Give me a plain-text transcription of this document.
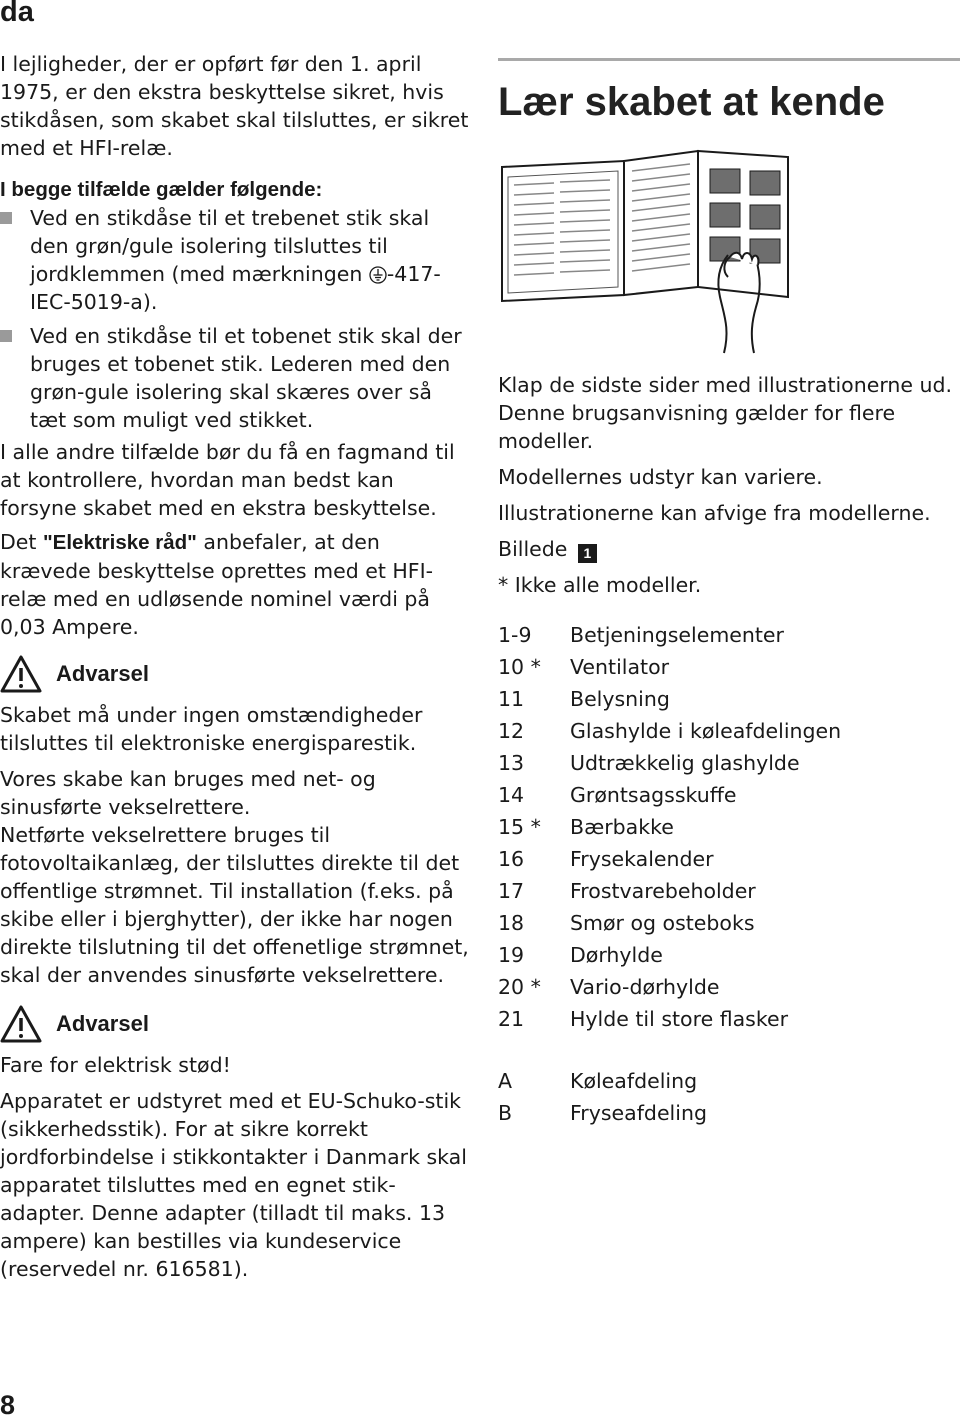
da

I lejligheder, der er opført før den 1. april 1975, er den ekstra beskyttelse sikret, hvis stikdåsen, som skabet skal tilsluttes, er sikret med et HFI-relæ.

I begge tilfælde gælder følgende:

Ved en stikdåse til et trebenet stik skal den grøn/gule isolering tilsluttes til jordklemmen (med mærkningen -417-IEC-5019-a).
Ved en stikdåse til et tobenet stik skal der bruges et tobenet stik. Lederen med den grøn-gule isolering skal skæres over så tæt som muligt ved stikket.

I alle andre tilfælde bør du få en fagmand til at kontrollere, hvordan man bedst kan forsyne skabet med en ekstra beskyttelse.

Det "Elektriske råd" anbefaler, at den krævede beskyttelse oprettes med et HFI-relæ med en udløsende nominel værdi på 0,03 Ampere.

Advarsel

Skabet må under ingen omstændigheder tilsluttes til elektroniske energisparestik.

Vores skabe kan bruges med net- og sinusførte vekselrettere.

Netførte vekselrettere bruges til fotovoltaikanlæg, der tilsluttes direkte til det offentlige strømnet. Til installation (f.eks. på skibe eller i bjerghytter), der ikke har nogen direkte tilslutning til det offenetlige strømnet, skal der anvendes sinusførte vekselrettere.

Advarsel

Fare for elektrisk stød!

Apparatet er udstyret med et EU-Schuko-stik (sikkerhedsstik). For at sikre korrekt jordforbindelse i stikkontakter i Danmark skal apparatet tilsluttes med en egnet stik-adapter. Denne adapter (tilladt til maks. 13 ampere) kan bestilles via kundeservice (reservedel nr. 616581).

Lær skabet at kende

Klap de sidste sider med illustrationerne ud. Denne brugsanvisning gælder for flere modeller.

Modellernes udstyr kan variere.

Illustrationerne kan afvige fra modellerne.

Billede 1

* Ikke alle modeller.

1-9	Betjeningselementer
10 *	Ventilator
11	Belysning
12	Glashylde i køleafdelingen
13	Udtrækkelig glashylde
14	Grøntsagsskuffe
15 *	Bærbakke
16	Frysekalender
17	Frostvarebeholder
18	Smør og osteboks
19	Dørhylde
20 *	Vario-dørhylde
21	Hylde til store flasker
A	Køleafdeling
B	Fryseafdeling
8
